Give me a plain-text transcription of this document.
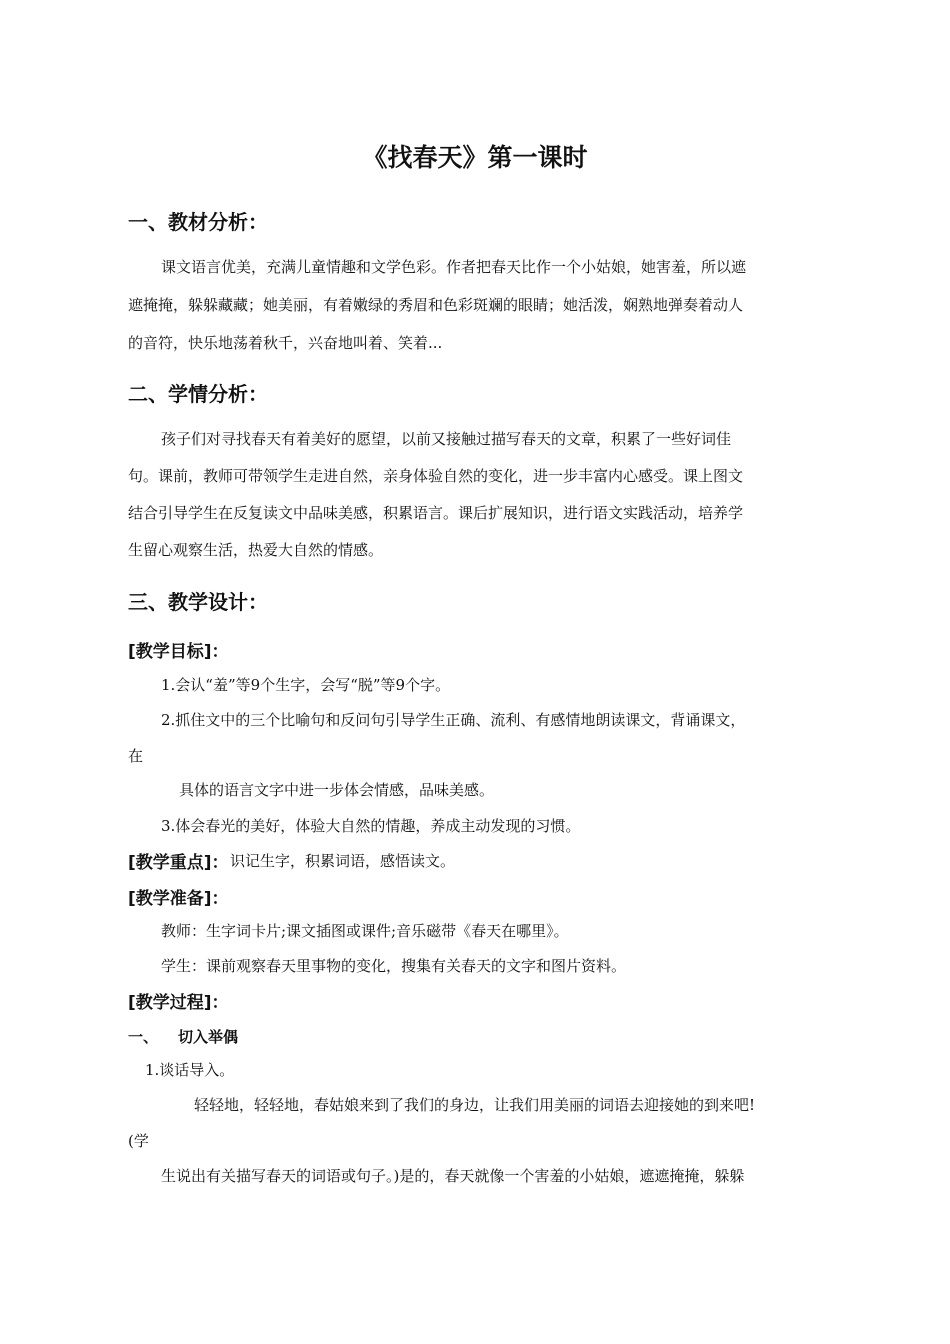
《找春天》第一课时
一、教材分析：
课文语言优美，充满儿童情趣和文学色彩。作者把春天比作一个小姑娘，她害羞，所以遮
遮掩掩，躲躲藏藏；她美丽，有着嫩绿的秀眉和色彩斑斓的眼睛；她活泼，娴熟地弹奏着动人
的音符，快乐地荡着秋千，兴奋地叫着、笑着...
二、学情分析：
孩子们对寻找春天有着美好的愿望，以前又接触过描写春天的文章，积累了一些好词佳
句。课前，教师可带领学生走进自然，亲身体验自然的变化，进一步丰富内心感受。课上图文
结合引导学生在反复读文中品味美感，积累语言。课后扩展知识，进行语文实践活动，培养学
生留心观察生活，热爱大自然的情感。
三、教学设计：
[教学目标]：
1.会认“羞”等9个生字，会写“脱”等9个字。
2.抓住文中的三个比喻句和反问句引导学生正确、流利、有感情地朗读课文，背诵课文，
在
具体的语言文字中进一步体会情感，品味美感。
3.体会春光的美好，体验大自然的情趣，养成主动发现的习惯。
[教学重点]： 识记生字，积累词语，感悟读文。
[教学准备]：
教师：生字词卡片;课文插图或课件;音乐磁带《春天在哪里》。
学生：课前观察春天里事物的变化，搜集有关春天的文字和图片资料。
[教学过程]：
一、 切入举偶
1.谈话导入。
轻轻地，轻轻地，春姑娘来到了我们的身边，让我们用美丽的词语去迎接她的到来吧!
(学
生说出有关描写春天的词语或句子。)是的，春天就像一个害羞的小姑娘，遮遮掩掩，躲躲
